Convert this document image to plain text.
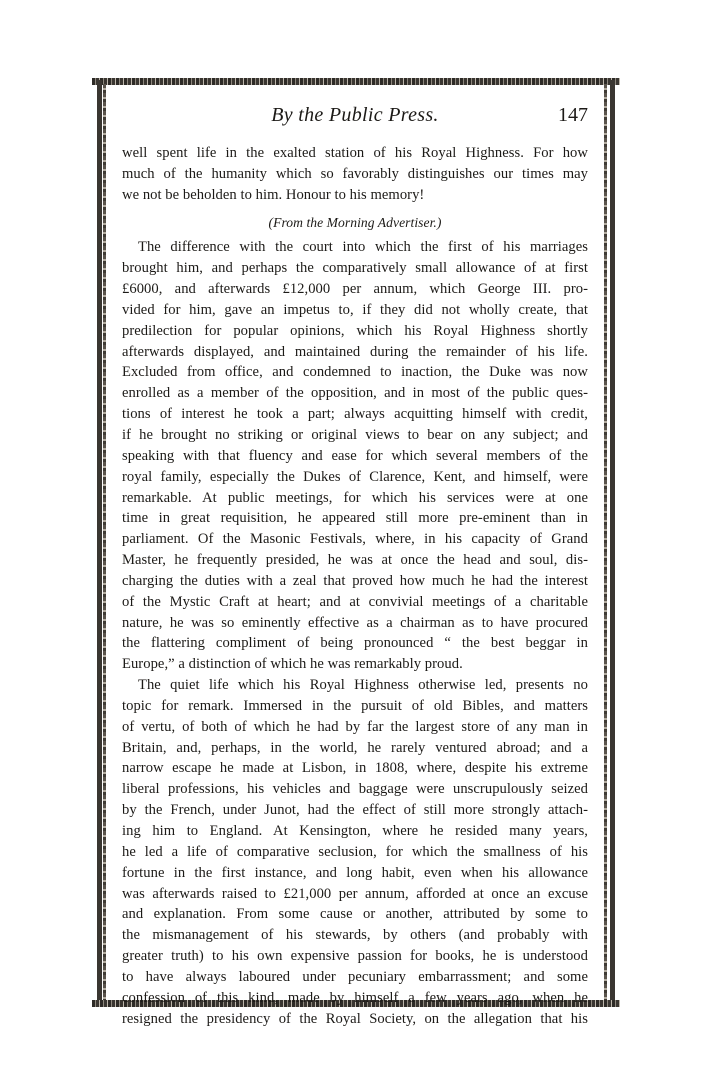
By the Public Press.	147
well spent life in the exalted station of his Royal Highness. For how
much of the humanity which so favorably distinguishes our times may
we not be beholden to him. Honour to his memory!
(From the Morning Advertiser.)
The difference with the court into which the first of his marriages
brought him, and perhaps the comparatively small allowance of at first
£6000, and afterwards £12,000 per annum, which George III. pro-
vided for him, gave an impetus to, if they did not wholly create, that
predilection for popular opinions, which his Royal Highness shortly
afterwards displayed, and maintained during the remainder of his life.
Excluded from office, and condemned to inaction, the Duke was now
enrolled as a member of the opposition, and in most of the public ques-
tions of interest he took a part; always acquitting himself with credit,
if he brought no striking or original views to bear on any subject; and
speaking with that fluency and ease for which several members of the
royal family, especially the Dukes of Clarence, Kent, and himself, were
remarkable. At public meetings, for which his services were at one
time in great requisition, he appeared still more pre-eminent than in
parliament. Of the Masonic Festivals, where, in his capacity of Grand
Master, he frequently presided, he was at once the head and soul, dis-
charging the duties with a zeal that proved how much he had the interest
of the Mystic Craft at heart; and at convivial meetings of a charitable
nature, he was so eminently effective as a chairman as to have procured
the flattering compliment of being pronounced “ the best beggar in
Europe,” a distinction of which he was remarkably proud.
The quiet life which his Royal Highness otherwise led, presents no
topic for remark. Immersed in the pursuit of old Bibles, and matters
of vertu, of both of which he had by far the largest store of any man in
Britain, and, perhaps, in the world, he rarely ventured abroad; and a
narrow escape he made at Lisbon, in 1808, where, despite his extreme
liberal professions, his vehicles and baggage were unscrupulously seized
by the French, under Junot, had the effect of still more strongly attach-
ing him to England. At Kensington, where he resided many years,
he led a life of comparative seclusion, for which the smallness of his
fortune in the first instance, and long habit, even when his allowance
was afterwards raised to £21,000 per annum, afforded at once an excuse
and explanation. From some cause or another, attributed by some to
the mismanagement of his stewards, by others (and probably with
greater truth) to his own expensive passion for books, he is understood
to have always laboured under pecuniary embarrassment; and some
confession of this kind, made by himself a few years ago, when he
resigned the presidency of the Royal Society, on the allegation that his
